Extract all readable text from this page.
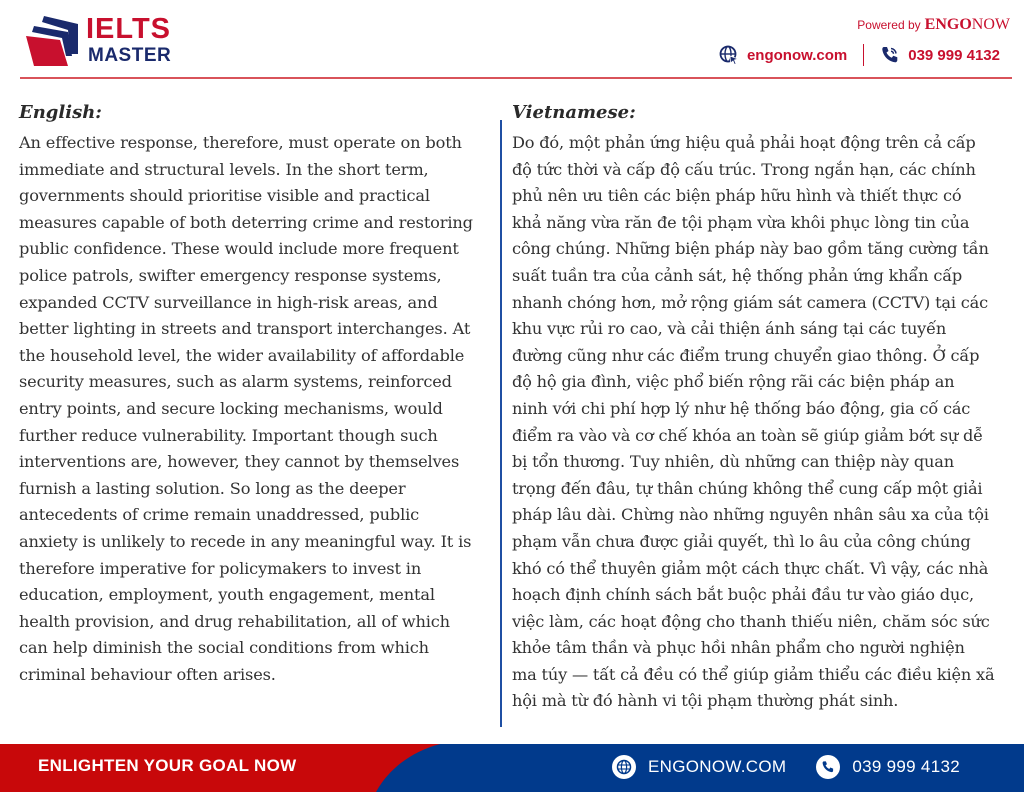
IELTS
MASTER
Powered by ENGONOW
engonow.com	039 999 4132
English:
An effective response, therefore, must operate on both
immediate and structural levels. In the short term,
governments should prioritise visible and practical
measures capable of both deterring crime and restoring
public confidence. These would include more frequent
police patrols, swifter emergency response systems,
expanded CCTV surveillance in high-risk areas, and
better lighting in streets and transport interchanges. At
the household level, the wider availability of affordable
security measures, such as alarm systems, reinforced
entry points, and secure locking mechanisms, would
further reduce vulnerability. Important though such
interventions are, however, they cannot by themselves
furnish a lasting solution. So long as the deeper
antecedents of crime remain unaddressed, public
anxiety is unlikely to recede in any meaningful way. It is
therefore imperative for policymakers to invest in
education, employment, youth engagement, mental
health provision, and drug rehabilitation, all of which
can help diminish the social conditions from which
criminal behaviour often arises.
Vietnamese:
Do đó, một phản ứng hiệu quả phải hoạt động trên cả cấp
độ tức thời và cấp độ cấu trúc. Trong ngắn hạn, các chính
phủ nên ưu tiên các biện pháp hữu hình và thiết thực có
khả năng vừa răn đe tội phạm vừa khôi phục lòng tin của
công chúng. Những biện pháp này bao gồm tăng cường tần
suất tuần tra của cảnh sát, hệ thống phản ứng khẩn cấp
nhanh chóng hơn, mở rộng giám sát camera (CCTV) tại các
khu vực rủi ro cao, và cải thiện ánh sáng tại các tuyến
đường cũng như các điểm trung chuyển giao thông. Ở cấp
độ hộ gia đình, việc phổ biến rộng rãi các biện pháp an
ninh với chi phí hợp lý như hệ thống báo động, gia cố các
điểm ra vào và cơ chế khóa an toàn sẽ giúp giảm bớt sự dễ
bị tổn thương. Tuy nhiên, dù những can thiệp này quan
trọng đến đâu, tự thân chúng không thể cung cấp một giải
pháp lâu dài. Chừng nào những nguyên nhân sâu xa của tội
phạm vẫn chưa được giải quyết, thì lo âu của công chúng
khó có thể thuyên giảm một cách thực chất. Vì vậy, các nhà
hoạch định chính sách bắt buộc phải đầu tư vào giáo dục,
việc làm, các hoạt động cho thanh thiếu niên, chăm sóc sức
khỏe tâm thần và phục hồi nhân phẩm cho người nghiện
ma túy — tất cả đều có thể giúp giảm thiểu các điều kiện xã
hội mà từ đó hành vi tội phạm thường phát sinh.
ENLIGHTEN YOUR GOAL NOW	ENGONOW.COM	039 999 4132
